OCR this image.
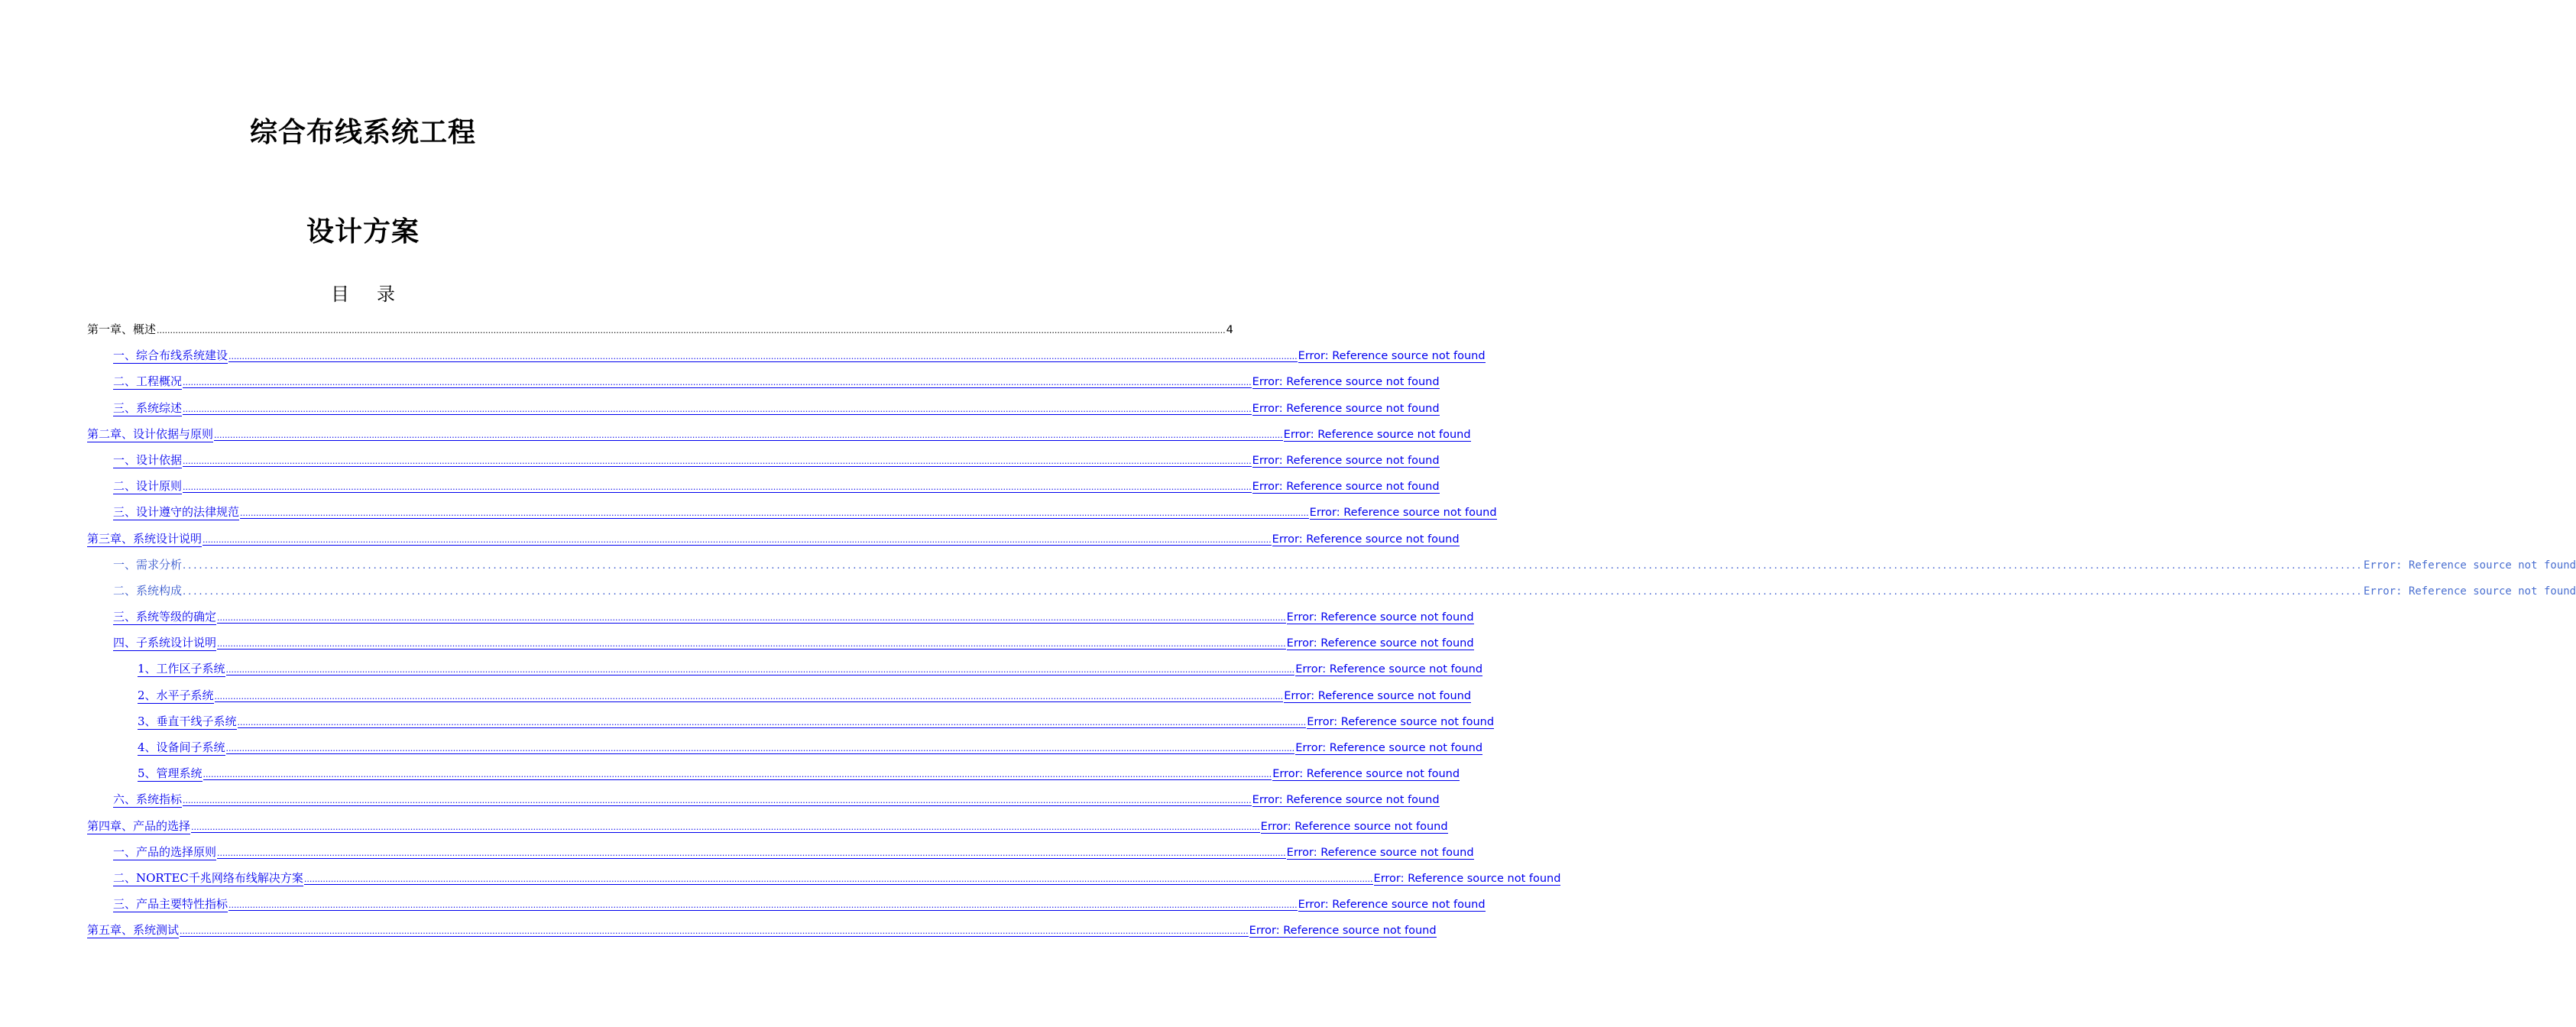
综合布线系统工程
设计方案
目录
第一章、概述 ................................................................................................................................................................................................................................................................................................................................................................................................................ 4
一、综合布线系统建设 ................................................................................................................................................................................................................................................................................................................................................................................................................ Error: Reference source not found
二、工程概况 ................................................................................................................................................................................................................................................................................................................................................................................................................ Error: Reference source not found
三、系统综述 ................................................................................................................................................................................................................................................................................................................................................................................................................ Error: Reference source not found
第二章、设计依据与原则 ................................................................................................................................................................................................................................................................................................................................................................................................................ Error: Reference source not found
一、设计依据 ................................................................................................................................................................................................................................................................................................................................................................................................................ Error: Reference source not found
二、设计原则 ................................................................................................................................................................................................................................................................................................................................................................................................................ Error: Reference source not found
三、设计遵守的法律规范 ................................................................................................................................................................................................................................................................................................................................................................................................................ Error: Reference source not found
第三章、系统设计说明 ................................................................................................................................................................................................................................................................................................................................................................................................................ Error: Reference source not found
一、需求分析 ................................................................................................................................................................................................................................................................................................................................................................................................................ Error: Reference source not found
二、系统构成 ................................................................................................................................................................................................................................................................................................................................................................................................................ Error: Reference source not found
三、系统等级的确定 ................................................................................................................................................................................................................................................................................................................................................................................................................ Error: Reference source not found
四、子系统设计说明 ................................................................................................................................................................................................................................................................................................................................................................................................................ Error: Reference source not found
1、工作区子系统 ................................................................................................................................................................................................................................................................................................................................................................................................................ Error: Reference source not found
2、水平子系统 ................................................................................................................................................................................................................................................................................................................................................................................................................ Error: Reference source not found
3、垂直干线子系统 ................................................................................................................................................................................................................................................................................................................................................................................................................ Error: Reference source not found
4、设备间子系统 ................................................................................................................................................................................................................................................................................................................................................................................................................ Error: Reference source not found
5、管理系统 ................................................................................................................................................................................................................................................................................................................................................................................................................ Error: Reference source not found
六、系统指标 ................................................................................................................................................................................................................................................................................................................................................................................................................ Error: Reference source not found
第四章、产品的选择 ................................................................................................................................................................................................................................................................................................................................................................................................................ Error: Reference source not found
一、产品的选择原则 ................................................................................................................................................................................................................................................................................................................................................................................................................ Error: Reference source not found
二、NORTEC千兆网络布线解决方案 ................................................................................................................................................................................................................................................................................................................................................................................................................ Error: Reference source not found
三、产品主要特性指标 ................................................................................................................................................................................................................................................................................................................................................................................................................ Error: Reference source not found
第五章、系统测试 ................................................................................................................................................................................................................................................................................................................................................................................................................ Error: Reference source not found
